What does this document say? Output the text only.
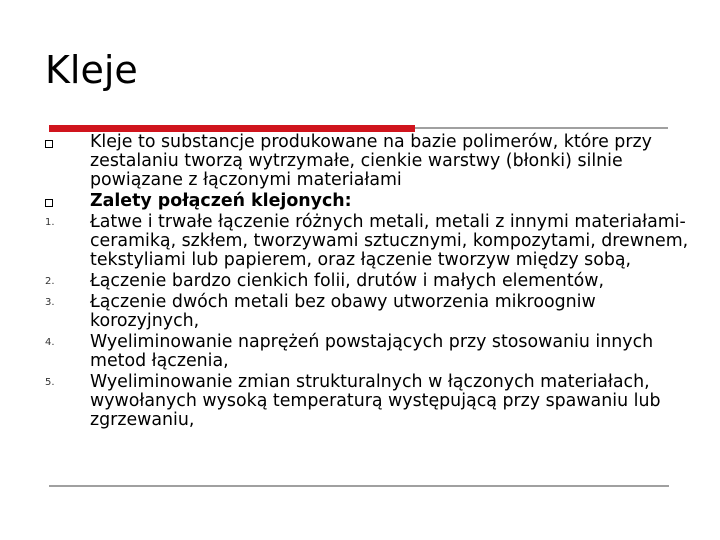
Kleje
Kleje to substancje produkowane na bazie polimerów, które przy zestalaniu tworzą wytrzymałe, cienkie warstwy (błonki) silnie powiązane z łączonymi materiałami
Zalety połączeń klejonych:
1. Łatwe i trwałe łączenie różnych metali, metali z innymi materiałami- ceramiką, szkłem, tworzywami sztucznymi, kompozytami, drewnem, tekstyliami lub papierem, oraz łączenie tworzyw między sobą,
2. Łączenie bardzo cienkich folii, drutów i małych elementów,
3. Łączenie dwóch metali bez obawy utworzenia mikroogniw korozyjnych,
4. Wyeliminowanie naprężeń powstających przy stosowaniu innych metod łączenia,
5. Wyeliminowanie zmian strukturalnych w łączonych materiałach, wywołanych wysoką temperaturą występującą przy spawaniu lub zgrzewaniu,
